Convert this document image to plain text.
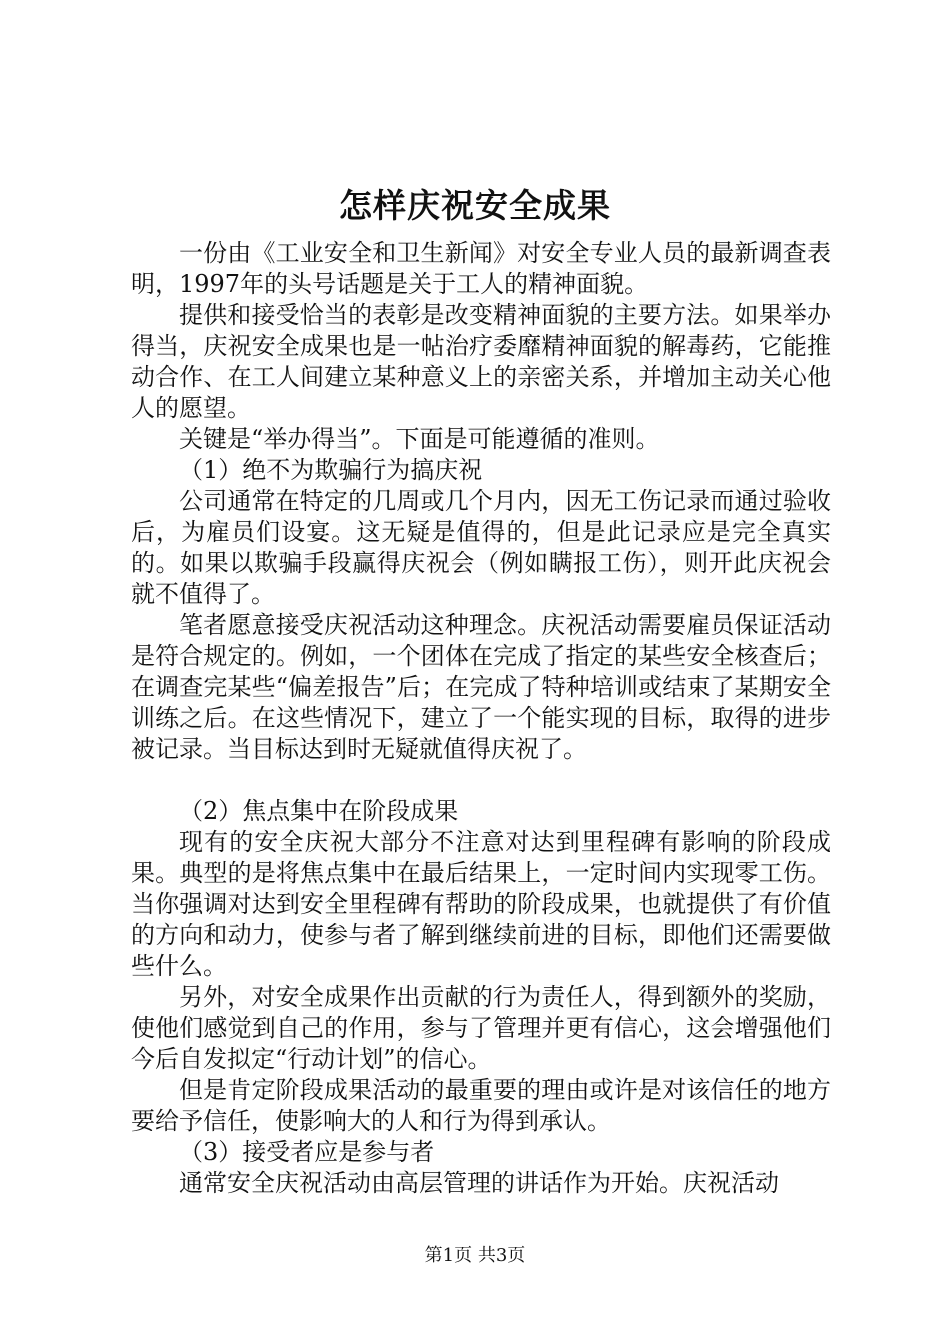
怎样庆祝安全成果

一份由《工业安全和卫生新闻》对安全专业人员的最新调查表明，1997年的头号话题是关于工人的精神面貌。

提供和接受恰当的表彰是改变精神面貌的主要方法。如果举办得当，庆祝安全成果也是一帖治疗委靡精神面貌的解毒药，它能推动合作、在工人间建立某种意义上的亲密关系，并增加主动关心他人的愿望。

关键是“举办得当”。下面是可能遵循的准则。

（1）绝不为欺骗行为搞庆祝

公司通常在特定的几周或几个月内，因无工伤记录而通过验收后，为雇员们设宴。这无疑是值得的，但是此记录应是完全真实的。如果以欺骗手段赢得庆祝会（例如瞒报工伤），则开此庆祝会就不值得了。

笔者愿意接受庆祝活动这种理念。庆祝活动需要雇员保证活动是符合规定的。例如，一个团体在完成了指定的某些安全核查后；在调查完某些“偏差报告”后；在完成了特种培训或结束了某期安全训练之后。在这些情况下，建立了一个能实现的目标，取得的进步被记录。当目标达到时无疑就值得庆祝了。

（2）焦点集中在阶段成果

现有的安全庆祝大部分不注意对达到里程碑有影响的阶段成果。典型的是将焦点集中在最后结果上，一定时间内实现零工伤。当你强调对达到安全里程碑有帮助的阶段成果，也就提供了有价值的方向和动力，使参与者了解到继续前进的目标，即他们还需要做些什么。

另外，对安全成果作出贡献的行为责任人，得到额外的奖励，使他们感觉到自己的作用，参与了管理并更有信心，这会增强他们今后自发拟定“行动计划”的信心。

但是肯定阶段成果活动的最重要的理由或许是对该信任的地方要给予信任，使影响大的人和行为得到承认。

（3）接受者应是参与者

通常安全庆祝活动由高层管理的讲话作为开始。庆祝活动

第1页 共3页
